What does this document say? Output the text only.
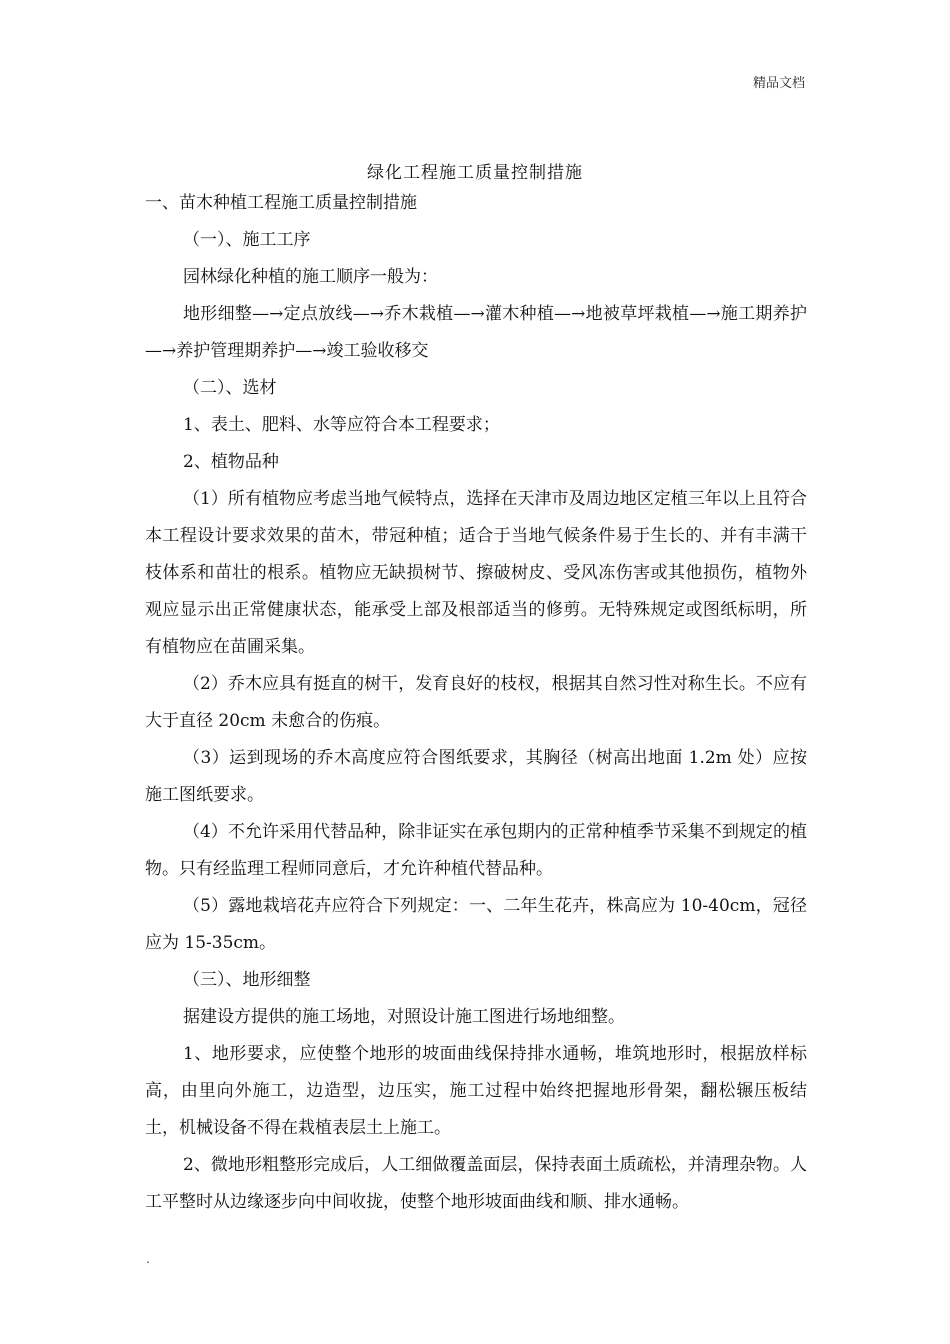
精品文档
绿化工程施工质量控制措施

一、苗木种植工程施工质量控制措施

（一）、施工工序

园林绿化种植的施工顺序一般为：

地形细整—→定点放线—→乔木栽植—→灌木种植—→地被草坪栽植—→施工期养护—→养护管理期养护—→竣工验收移交

（二）、选材

1、表土、肥料、水等应符合本工程要求；

2、植物品种

（1）所有植物应考虑当地气候特点，选择在天津市及周边地区定植三年以上且符合本工程设计要求效果的苗木，带冠种植；适合于当地气候条件易于生长的、并有丰满干枝体系和苗壮的根系。植物应无缺损树节、擦破树皮、受风冻伤害或其他损伤，植物外观应显示出正常健康状态，能承受上部及根部适当的修剪。无特殊规定或图纸标明，所有植物应在苗圃采集。

（2）乔木应具有挺直的树干，发育良好的枝杈，根据其自然习性对称生长。不应有大于直径 20cm 未愈合的伤痕。

（3）运到现场的乔木高度应符合图纸要求，其胸径（树高出地面 1.2m 处）应按施工图纸要求。

（4）不允许采用代替品种，除非证实在承包期内的正常种植季节采集不到规定的植物。只有经监理工程师同意后，才允许种植代替品种。

（5）露地栽培花卉应符合下列规定：一、二年生花卉，株高应为 10-40cm，冠径应为 15-35cm。

（三）、地形细整

据建设方提供的施工场地，对照设计施工图进行场地细整。

1、地形要求，应使整个地形的坡面曲线保持排水通畅，堆筑地形时，根据放样标高，由里向外施工，边造型，边压实，施工过程中始终把握地形骨架，翻松辗压板结土，机械设备不得在栽植表层土上施工。

2、微地形粗整形完成后，人工细做覆盖面层，保持表面土质疏松，并清理杂物。人工平整时从边缘逐步向中间收拢，使整个地形坡面曲线和顺、排水通畅。

.
